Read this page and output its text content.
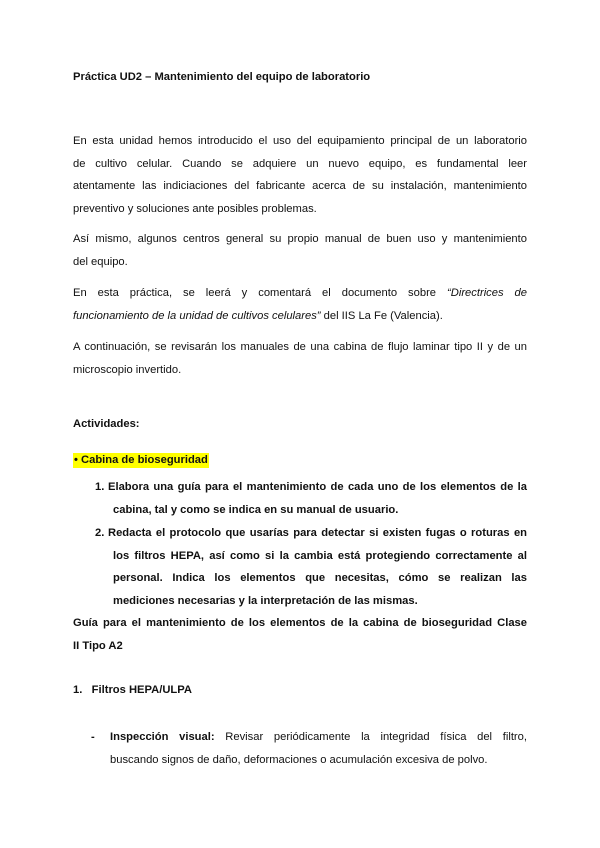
Práctica UD2 – Mantenimiento del equipo de laboratorio
En esta unidad hemos introducido el uso del equipamiento principal de un laboratorio
de cultivo celular. Cuando se adquiere un nuevo equipo, es fundamental leer
atentamente las indiciaciones del fabricante acerca de su instalación, mantenimiento
preventivo y soluciones ante posibles problemas.
Así mismo, algunos centros general su propio manual de buen uso y mantenimiento
del equipo.
En esta práctica, se leerá y comentará el documento sobre “Directrices de
funcionamiento de la unidad de cultivos celulares” del IIS La Fe (Valencia).
A continuación, se revisarán los manuales de una cabina de flujo laminar tipo II y de un
microscopio invertido.
Actividades:
• Cabina de bioseguridad
1. Elabora una guía para el mantenimiento de cada uno de los elementos de la
cabina, tal y como se indica en su manual de usuario.
2. Redacta el protocolo que usarías para detectar si existen fugas o roturas en
los filtros HEPA, así como si la cambia está protegiendo correctamente al
personal. Indica los elementos que necesitas, cómo se realizan las
mediciones necesarias y la interpretación de las mismas.
Guía para el mantenimiento de los elementos de la cabina de bioseguridad Clase
II Tipo A2
1. Filtros HEPA/ULPA
- Inspección visual: Revisar periódicamente la integridad física del filtro,
buscando signos de daño, deformaciones o acumulación excesiva de polvo.
